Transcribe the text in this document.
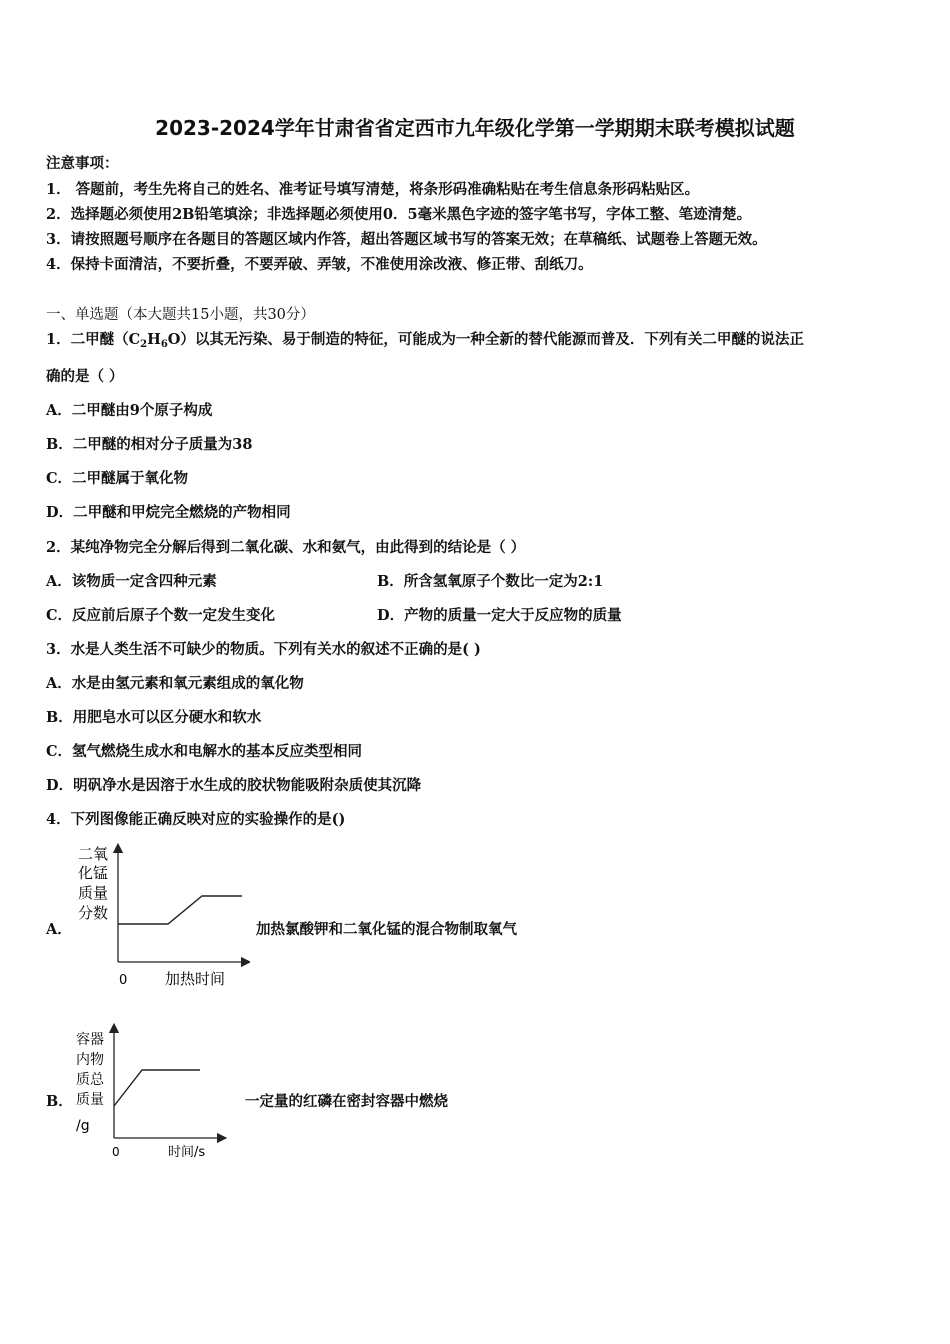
2023-2024学年甘肃省省定西市九年级化学第一学期期末联考模拟试题
注意事项：
1． 答题前，考生先将自己的姓名、准考证号填写清楚，将条形码准确粘贴在考生信息条形码粘贴区。
2．选择题必须使用2B铅笔填涂；非选择题必须使用0．5毫米黑色字迹的签字笔书写，字体工整、笔迹清楚。
3．请按照题号顺序在各题目的答题区域内作答，超出答题区域书写的答案无效；在草稿纸、试题卷上答题无效。
4．保持卡面清洁，不要折叠，不要弄破、弄皱，不准使用涂改液、修正带、刮纸刀。
一、单选题（本大题共15小题，共30分）
1．二甲醚$(C_2H_6O)$以其无污染、易于制造的特征，可能成为一种全新的替代能源而普及．下列有关二甲醚的说法正
确的是（ ）
A．二甲醚由9个原子构成
B．二甲醚的相对分子质量为38
C．二甲醚属于氧化物
D．二甲醚和甲烷完全燃烧的产物相同
2．某纯净物完全分解后得到二氧化碳、水和氨气，由此得到的结论是（ ）
A．该物质一定含四种元素	B．所含氢氧原子个数比一定为2:1
C．反应前后原子个数一定发生变化	D．产物的质量一定大于反应物的质量
3．水是人类生活不可缺少的物质。下列有关水的叙述不正确的是( )
A．水是由氢元素和氧元素组成的氧化物
B．用肥皂水可以区分硬水和软水
C．氢气燃烧生成水和电解水的基本反应类型相同
D．明矾净水是因溶于水生成的胶状物能吸附杂质使其沉降
4．下列图像能正确反映对应的实验操作的是()
A．
二氧
化锰
质量
分数
0	加热时间
加热氯酸钾和二氧化锰的混合物制取氧气
B．
容器
内物
质总
质量
/g
0	时间/s
一定量的红磷在密封容器中燃烧
